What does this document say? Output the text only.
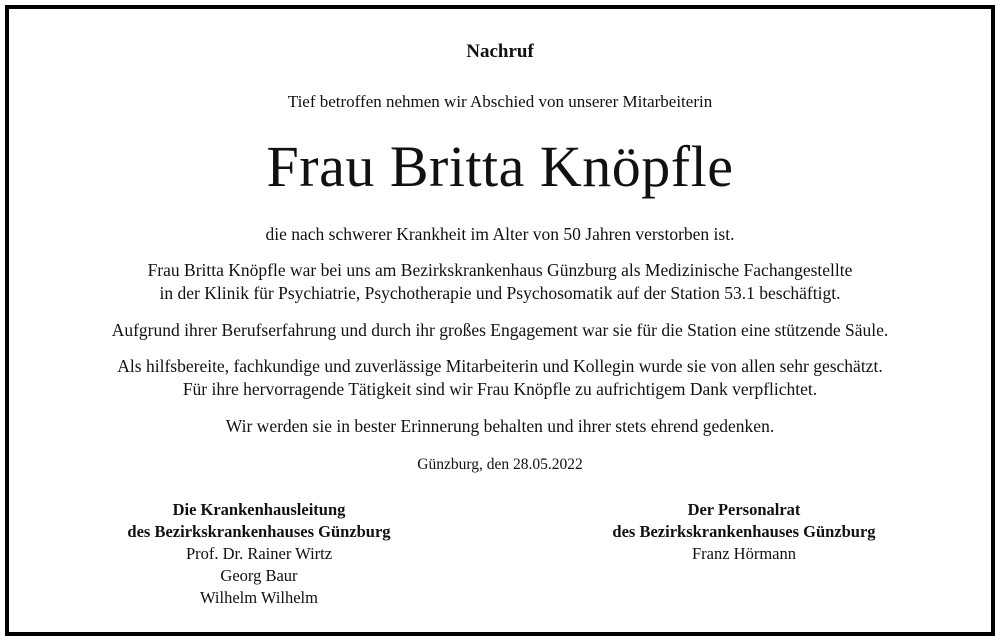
Nachruf
Tief betroffen nehmen wir Abschied von unserer Mitarbeiterin
Frau Britta Knöpfle
die nach schwerer Krankheit im Alter von 50 Jahren verstorben ist.
Frau Britta Knöpfle war bei uns am Bezirkskrankenhaus Günzburg als Medizinische Fachangestellte
in der Klinik für Psychiatrie, Psychotherapie und Psychosomatik auf der Station 53.1 beschäftigt.
Aufgrund ihrer Berufserfahrung und durch ihr großes Engagement war sie für die Station eine stützende Säule.
Als hilfsbereite, fachkundige und zuverlässige Mitarbeiterin und Kollegin wurde sie von allen sehr geschätzt.
Für ihre hervorragende Tätigkeit sind wir Frau Knöpfle zu aufrichtigem Dank verpflichtet.
Wir werden sie in bester Erinnerung behalten und ihrer stets ehrend gedenken.
Günzburg, den 28.05.2022
Die Krankenhausleitung
des Bezirkskrankenhauses Günzburg
Prof. Dr. Rainer Wirtz
Georg Baur
Wilhelm Wilhelm
Der Personalrat
des Bezirkskrankenhauses Günzburg
Franz Hörmann
